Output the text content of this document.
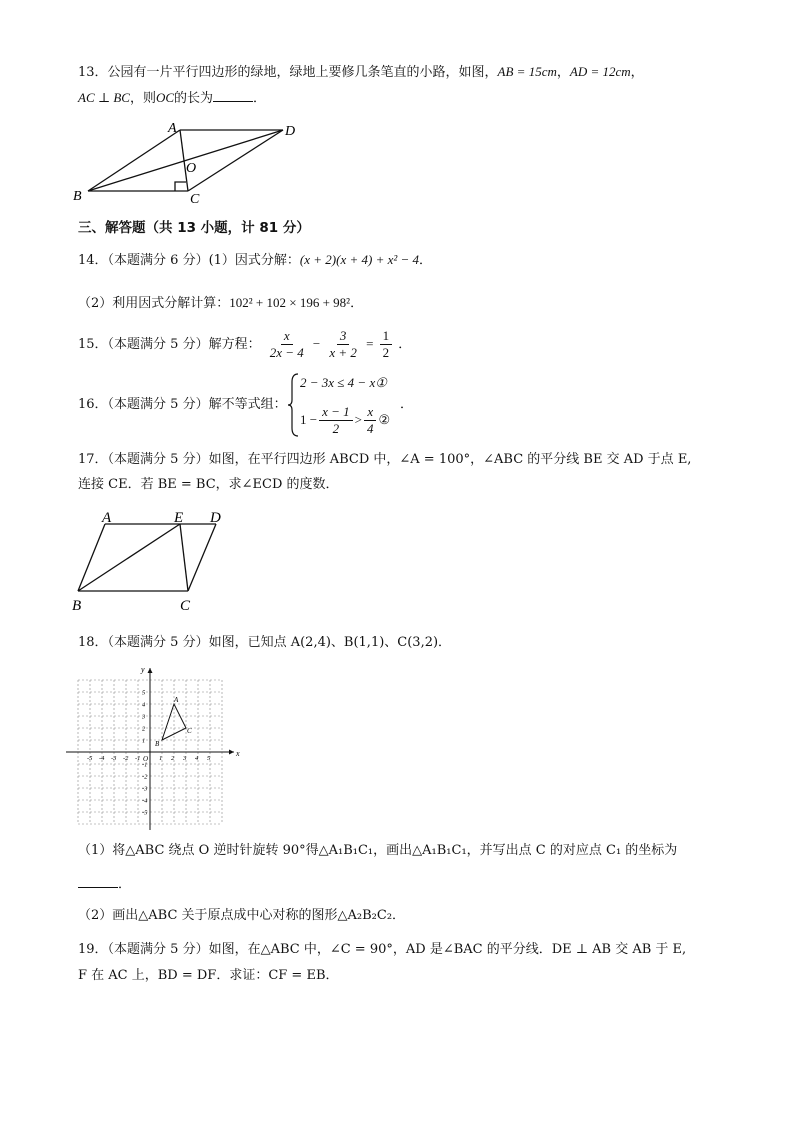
13．公园有一片平行四边形的绿地，绿地上要修几条笔直的小路，如图，AB = 15cm，AD = 12cm，
AC ⊥ BC，则OC的长为	．
A	D
O
B	C
三、解答题（共 13 小题，计 81 分）
14．（本题满分 6 分）(1）因式分解：(x + 2)(x + 4) + x² − 4．
（2）利用因式分解计算：102² + 102 × 196 + 98²．
15．（本题满分 5 分）解方程： $\frac{x}{2x - 4} - \frac{3}{x + 2} = \frac{1}{2}$ ．
16．（本题满分 5 分）解不等式组：
2 − 3x ≤ 4 − x①
$1 - \frac{x - 1}{2} > \frac{x}{4}$ ②
．
17．（本题满分 5 分）如图，在平行四边形 ABCD 中，∠A = 100°，∠ABC 的平分线 BE 交 AD 于点 E,
连接 CE．若 BE = BC，求∠ECD 的度数．
A	E D
B	C
18．（本题满分 5 分）如图，已知点 A(2,4)、B(1,1)、C(3,2)．
x
y
O
-5 -4 -3 -2 -1	1 2 3 4 5
5
4
3
2
1
-1
-2
-3
-4
-5
A
B
C
（1）将△ABC 绕点 O 逆时针旋转 90°得△A₁B₁C₁，画出△A₁B₁C₁，并写出点 C 的对应点 C₁ 的坐标为
．
（2）画出△ABC 关于原点成中心对称的图形△A₂B₂C₂．
19．（本题满分 5 分）如图，在△ABC 中，∠C = 90°，AD 是∠BAC 的平分线．DE ⊥ AB 交 AB 于 E,
F 在 AC 上，BD = DF．求证：CF = EB．
